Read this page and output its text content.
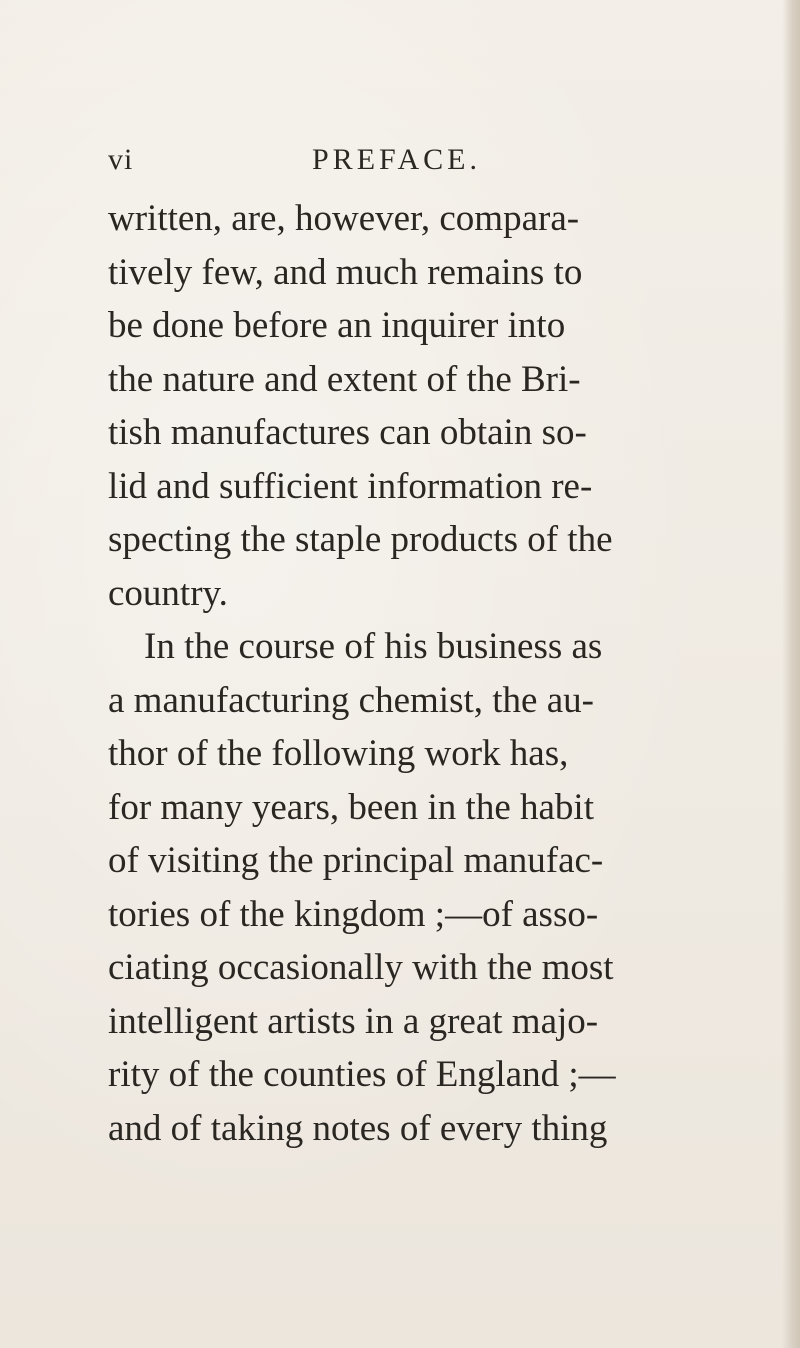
vi	PREFACE.
written, are, however, compara-
tively few, and much remains to
be done before an inquirer into
the nature and extent of the Bri-
tish manufactures can obtain so-
lid and sufficient information re-
specting the staple products of the
country.
In the course of his business as
a manufacturing chemist, the au-
thor of the following work has,
for many years, been in the habit
of visiting the principal manufac-
tories of the kingdom ;—of asso-
ciating occasionally with the most
intelligent artists in a great majo-
rity of the counties of England ;—
and of taking notes of every thing
